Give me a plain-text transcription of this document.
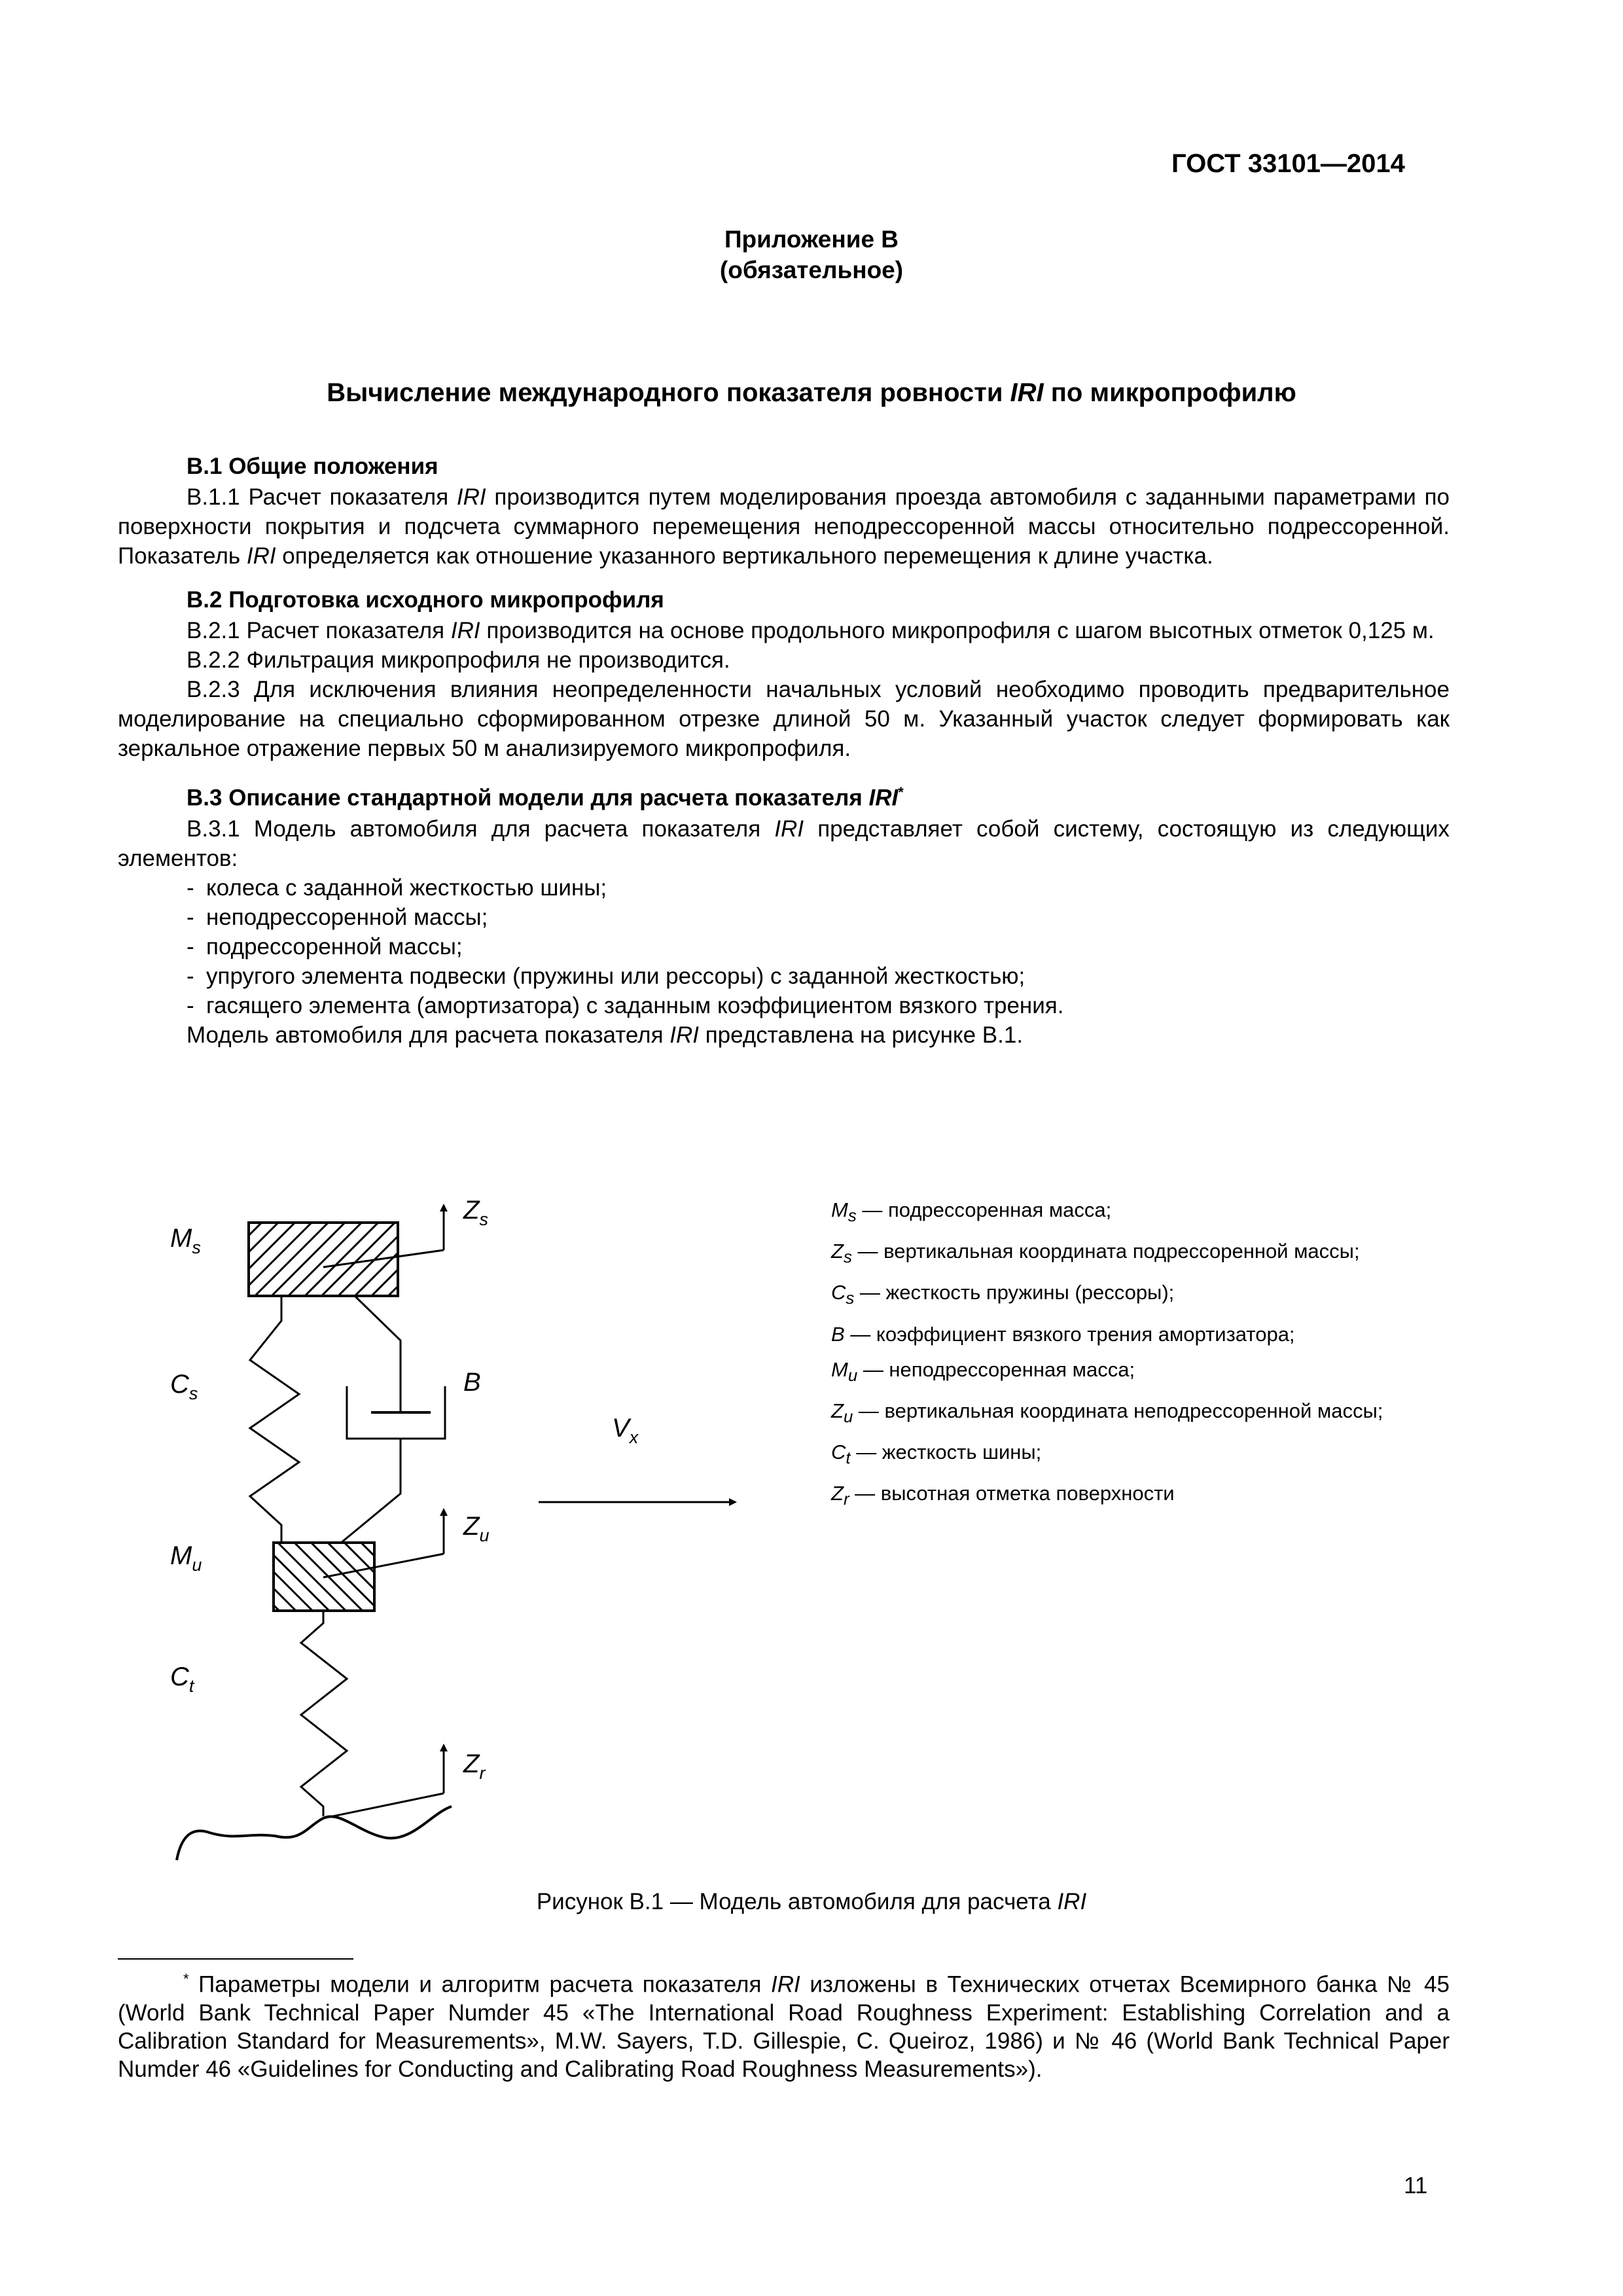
ГОСТ 33101—2014
Приложение В
(обязательное)
Вычисление международного показателя ровности IRI по микропрофилю
В.1 Общие положения
В.1.1 Расчет показателя IRI производится путем моделирования проезда автомобиля с заданными параметрами по поверхности покрытия и подсчета суммарного перемещения неподрессоренной массы относительно подрессоренной. Показатель IRI определяется как отношение указанного вертикального перемещения к длине участка.
В.2 Подготовка исходного микропрофиля
В.2.1 Расчет показателя IRI производится на основе продольного микропрофиля с шагом высотных отметок 0,125 м.
В.2.2 Фильтрация микропрофиля не производится.
В.2.3 Для исключения влияния неопределенности начальных условий необходимо проводить предварительное моделирование на специально сформированном отрезке длиной 50 м. Указанный участок следует формировать как зеркальное отражение первых 50 м анализируемого микропрофиля.
В.3 Описание стандартной модели для расчета показателя IRI*
В.3.1 Модель автомобиля для расчета показателя IRI представляет собой систему, состоящую из следующих элементов:
- колеса с заданной жесткостью шины;
- неподрессоренной массы;
- подрессоренной массы;
- упругого элемента подвески (пружины или рессоры) с заданной жесткостью;
- гасящего элемента (амортизатора) с заданным коэффициентом вязкого трения.
Модель автомобиля для расчета показателя IRI представлена на рисунке В.1.
$M_s$
$C_s$
$M_u$
$C_t$
$Z_s$
B
$Z_u$
$Z_r$
$V_x$
$M_s$ — подрессоренная масса;
$Z_s$ — вертикальная координата подрессоренной массы;
$C_s$ — жесткость пружины (рессоры);
B — коэффициент вязкого трения амортизатора;
$M_u$ — неподрессоренная масса;
$Z_u$ — вертикальная координата неподрессоренной массы;
$C_t$ — жесткость шины;
$Z_r$ — высотная отметка поверхности
Рисунок В.1 — Модель автомобиля для расчета IRI
* Параметры модели и алгоритм расчета показателя IRI изложены в Технических отчетах Всемирного банка № 45 (World Bank Technical Paper Numder 45 «The International Road Roughness Experiment: Establishing Correlation and a Calibration Standard for Measurements», M.W. Sayers, T.D. Gillespie, C. Queiroz, 1986) и № 46 (World Bank Technical Paper Numder 46 «Guidelines for Conducting and Calibrating Road Roughness Measurements»).
11
